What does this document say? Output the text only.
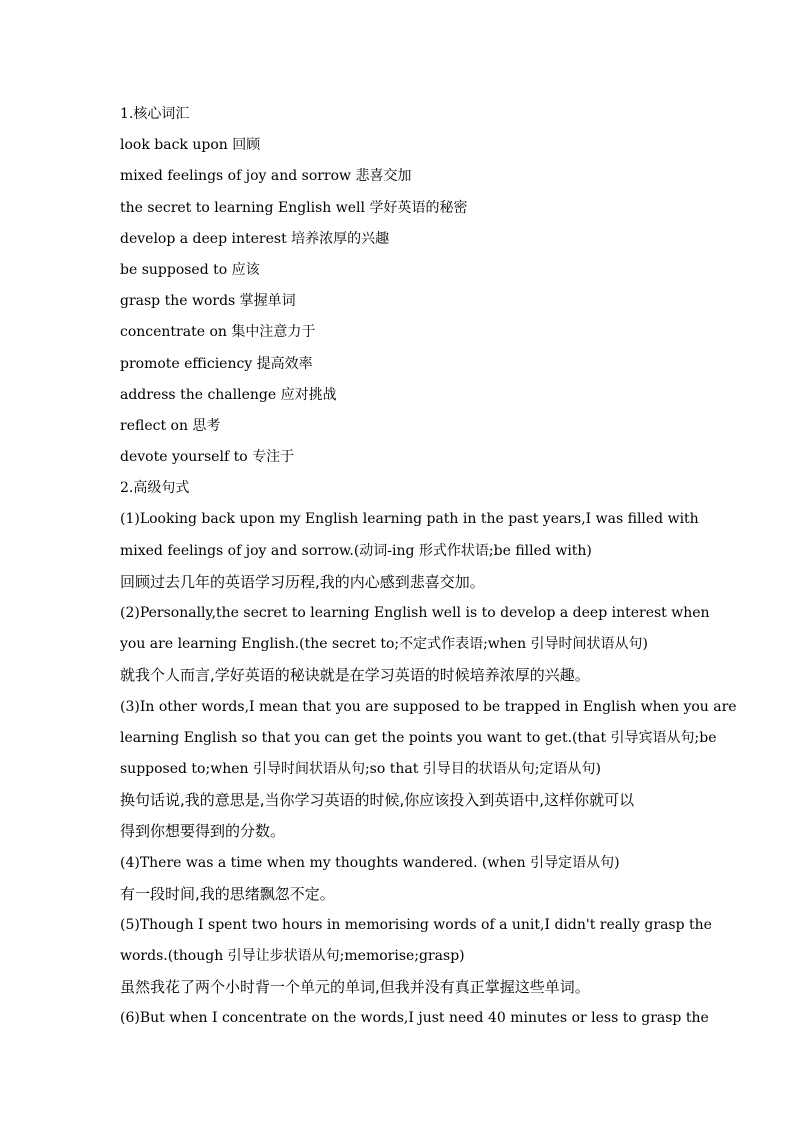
1.核心词汇
look back upon 回顾
mixed feelings of joy and sorrow 悲喜交加
the secret to learning English well 学好英语的秘密
develop a deep interest 培养浓厚的兴趣
be supposed to 应该
grasp the words 掌握单词
concentrate on 集中注意力于
promote efficiency 提高效率
address the challenge 应对挑战
reflect on 思考
devote yourself to 专注于
2.高级句式
(1)Looking back upon my English learning path in the past years,I was filled with
mixed feelings of joy and sorrow.(动词-ing 形式作状语;be filled with)
回顾过去几年的英语学习历程,我的内心感到悲喜交加。
(2)Personally,the secret to learning English well is to develop a deep interest when
you are learning English.(the secret to;不定式作表语;when 引导时间状语从句)
就我个人而言,学好英语的秘诀就是在学习英语的时候培养浓厚的兴趣。
(3)In other words,I mean that you are supposed to be trapped in English when you are
learning English so that you can get the points you want to get.(that 引导宾语从句;be
supposed to;when 引导时间状语从句;so that 引导目的状语从句;定语从句)
换句话说,我的意思是,当你学习英语的时候,你应该投入到英语中,这样你就可以
得到你想要得到的分数。
(4)There was a time when my thoughts wandered. (when 引导定语从句)
有一段时间,我的思绪飘忽不定。
(5)Though I spent two hours in memorising words of a unit,I didn't really grasp the
words.(though 引导让步状语从句;memorise;grasp)
虽然我花了两个小时背一个单元的单词,但我并没有真正掌握这些单词。
(6)But when I concentrate on the words,I just need 40 minutes or less to grasp the
